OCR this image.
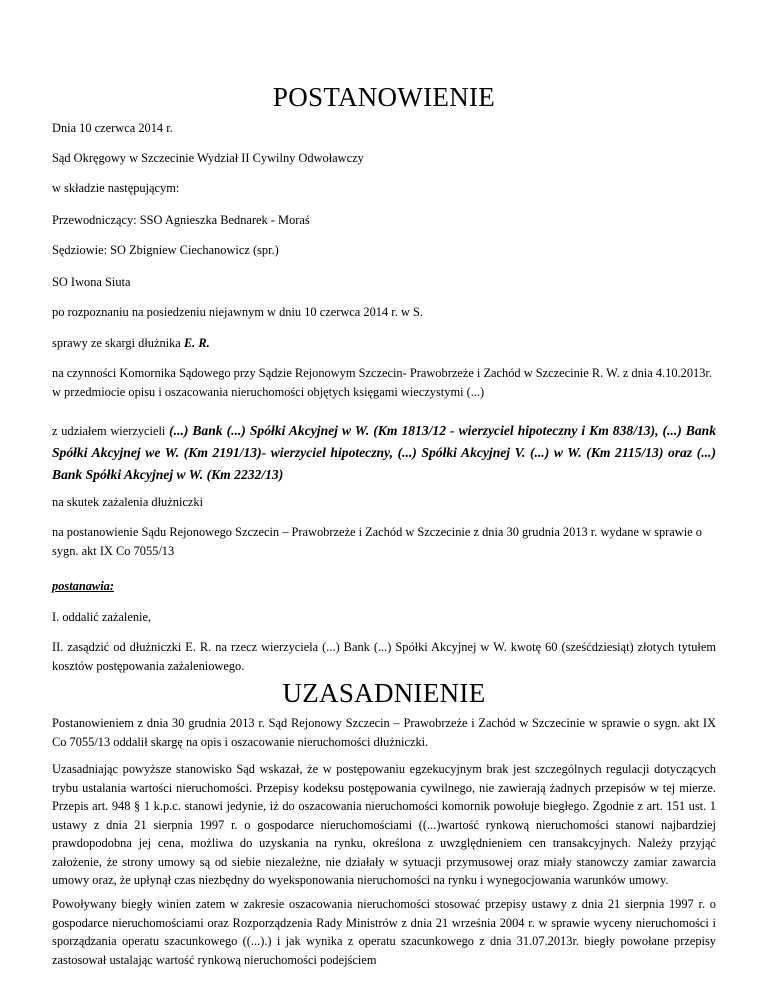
POSTANOWIENIE

Dnia 10 czerwca 2014 r.

Sąd Okręgowy w Szczecinie Wydział II Cywilny Odwoławczy

w składzie następującym:

Przewodniczący: SSO Agnieszka Bednarek - Moraś

Sędziowie: SO Zbigniew Ciechanowicz (spr.)

SO Iwona Siuta

po rozpoznaniu na posiedzeniu niejawnym w dniu 10 czerwca 2014 r. w S.

sprawy ze skargi dłużnika E. R.

na czynności Komornika Sądowego przy Sądzie Rejonowym Szczecin- Prawobrzeże i Zachód w Szczecinie R. W. z dnia 4.10.2013r. w przedmiocie opisu i oszacowania nieruchomości objętych księgami wieczystymi (...)

z udziałem wierzycieli (...) Bank (...) Spółki Akcyjnej w W. (Km 1813/12 - wierzyciel hipoteczny i Km 838/13), (...) Bank Spółki Akcyjnej we W. (Km 2191/13)- wierzyciel hipoteczny, (...) Spółki Akcyjnej V. (...) w W. (Km 2115/13) oraz (...) Bank Spółki Akcyjnej w W. (Km 2232/13)

na skutek zażalenia dłużniczki

na postanowienie Sądu Rejonowego Szczecin – Prawobrzeże i Zachód w Szczecinie z dnia 30 grudnia 2013 r. wydane w sprawie o sygn. akt IX Co 7055/13

postanawia:

I. oddalić zażalenie,

II. zasądzić od dłużniczki E. R. na rzecz wierzyciela (...) Bank (...) Spółki Akcyjnej w W. kwotę 60 (sześćdziesiąt) złotych tytułem kosztów postępowania zażaleniowego.

UZASADNIENIE

Postanowieniem z dnia 30 grudnia 2013 r. Sąd Rejonowy Szczecin – Prawobrzeże i Zachód w Szczecinie w sprawie o sygn. akt IX Co 7055/13 oddalił skargę na opis i oszacowanie nieruchomości dłużniczki.

Uzasadniając powyższe stanowisko Sąd wskazał, że w postępowaniu egzekucyjnym brak jest szczególnych regulacji dotyczących trybu ustalania wartości nieruchomości. Przepisy kodeksu postępowania cywilnego, nie zawierają żadnych przepisów w tej mierze. Przepis art. 948 § 1 k.p.c. stanowi jedynie, iż do oszacowania nieruchomości komornik powołuje biegłego. Zgodnie z art. 151 ust. 1 ustawy z dnia 21 sierpnia 1997 r. o gospodarce nieruchomościami ((...)wartość rynkową nieruchomości stanowi najbardziej prawdopodobna jej cena, możliwa do uzyskania na rynku, określona z uwzględnieniem cen transakcyjnych. Należy przyjąć założenie, że strony umowy są od siebie niezależne, nie działały w sytuacji przymusowej oraz miały stanowczy zamiar zawarcia umowy oraz, że upłynął czas niezbędny do wyeksponowania nieruchomości na rynku i wynegocjowania warunków umowy.

Powoływany biegły winien zatem w zakresie oszacowania nieruchomości stosować przepisy ustawy z dnia 21 sierpnia 1997 r. o gospodarce nieruchomościami oraz Rozporządzenia Rady Ministrów z dnia 21 września 2004 r. w sprawie wyceny nieruchomości i sporządzania operatu szacunkowego ((...).) i jak wynika z operatu szacunkowego z dnia 31.07.2013r. biegły powołane przepisy zastosował ustalając wartość rynkową nieruchomości podejściem
